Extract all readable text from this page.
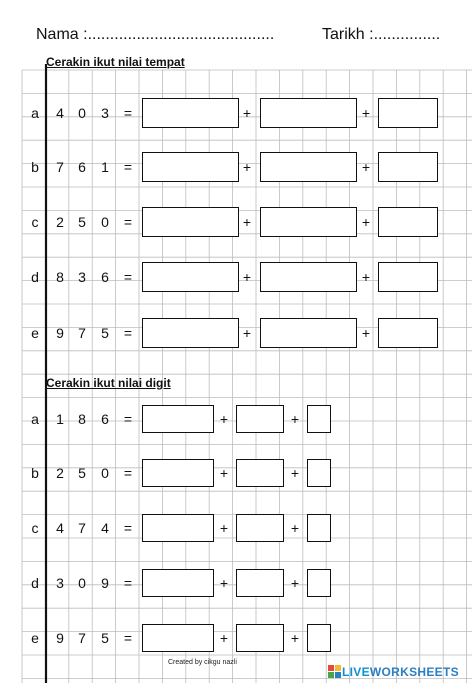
Nama :..........................................	Tarikh :...............
Cerakin ikut nilai tempat
Cerakin ikut nilai digit
a 4 0 3 =	+	+
b 7 6 1 =	+	+
c 2 5 0 =	+	+
d 8 3 6 =	+	+
e 9 7 5 =	+	+
a 1 8 6 =	+	+
b 2 5 0 =	+	+
c 4 7 4 =	+	+
d 3 0 9 =	+	+
e 9 7 5 =	+	+
Created by cikgu nazli
LIVE WORKSHEETS
